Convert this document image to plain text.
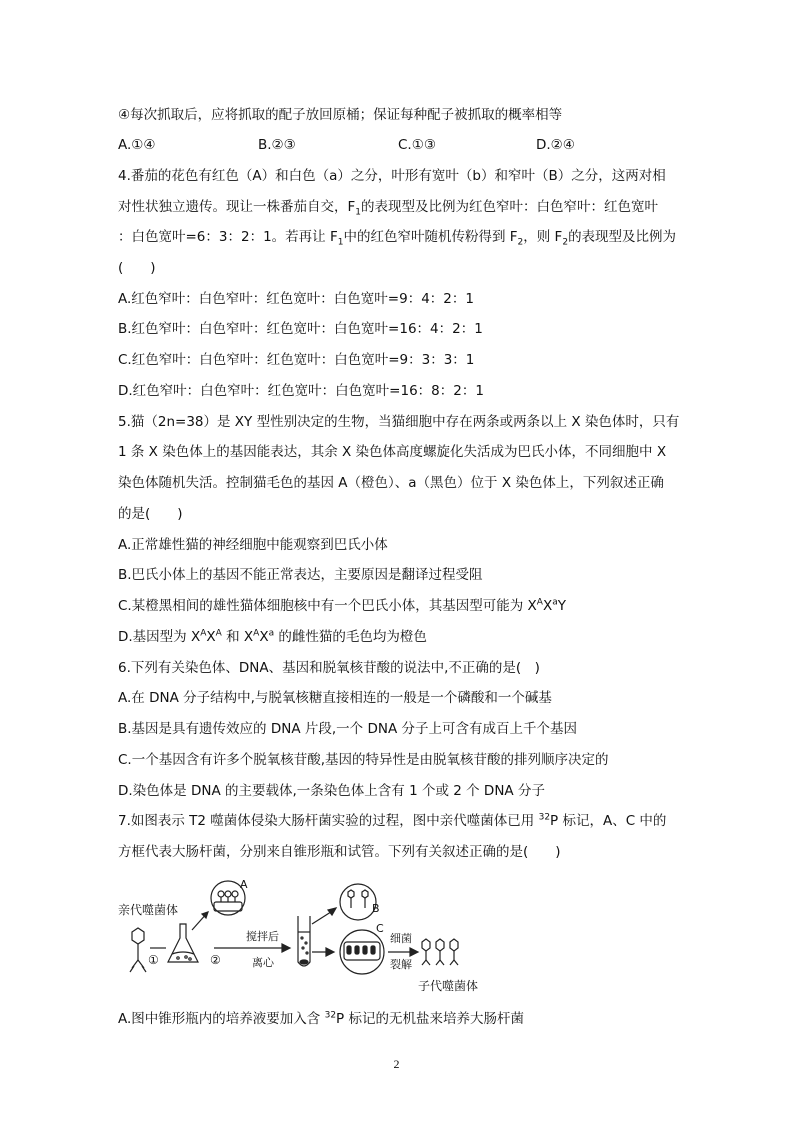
④每次抓取后，应将抓取的配子放回原桶；保证每种配子被抓取的概率相等
A.①④	B.②③	C.①③	D.②④
4.番茄的花色有红色（A）和白色（a）之分，叶形有宽叶（b）和窄叶（B）之分，这两对相
对性状独立遗传。现让一株番茄自交，$F_1$的表现型及比例为红色窄叶：白色窄叶：红色宽叶
：白色宽叶=6：3：2：1。若再让 $F_1$中的红色窄叶随机传粉得到 $F_2$，则 $F_2$的表现型及比例为
(　　)
A.红色窄叶：白色窄叶：红色宽叶：白色宽叶=9：4：2：1
B.红色窄叶：白色窄叶：红色宽叶：白色宽叶=16：4：2：1
C.红色窄叶：白色窄叶：红色宽叶：白色宽叶=9：3：3：1
D.红色窄叶：白色窄叶：红色宽叶：白色宽叶=16：8：2：1
5.猫（2n=38）是 XY 型性别决定的生物，当猫细胞中存在两条或两条以上 X 染色体时，只有
1 条 X 染色体上的基因能表达，其余 X 染色体高度螺旋化失活成为巴氏小体，不同细胞中 X
染色体随机失活。控制猫毛色的基因 A（橙色）、a（黑色）位于 X 染色体上，下列叙述正确
的是(　　)
A.正常雄性猫的神经细胞中能观察到巴氏小体
B.巴氏小体上的基因不能正常表达，主要原因是翻译过程受阻
C.某橙黑相间的雄性猫体细胞核中有一个巴氏小体，其基因型可能为 $X^AX^aY$
D.基因型为 $X^AX^A$ 和 $X^AX^a$ 的雌性猫的毛色均为橙色
6.下列有关染色体、DNA、基因和脱氧核苷酸的说法中,不正确的是(　)
A.在 DNA 分子结构中,与脱氧核糖直接相连的一般是一个磷酸和一个碱基
B.基因是具有遗传效应的 DNA 片段,一个 DNA 分子上可含有成百上千个基因
C.一个基因含有许多个脱氧核苷酸,基因的特异性是由脱氧核苷酸的排列顺序决定的
D.染色体是 DNA 的主要载体,一条染色体上含有 1 个或 2 个 DNA 分子
7.如图表示 T2 噬菌体侵染大肠杆菌实验的过程，图中亲代噬菌体已用 $^{32}$P 标记，A、C 中的
方框代表大肠杆菌，分别来自锥形瓶和试管。下列有关叙述正确的是(　　)
亲代噬菌体
①	②
A
B
C
搅拌后
离心
细菌
裂解
子代噬菌体
A.图中锥形瓶内的培养液要加入含 $^{32}$P 标记的无机盐来培养大肠杆菌
2
